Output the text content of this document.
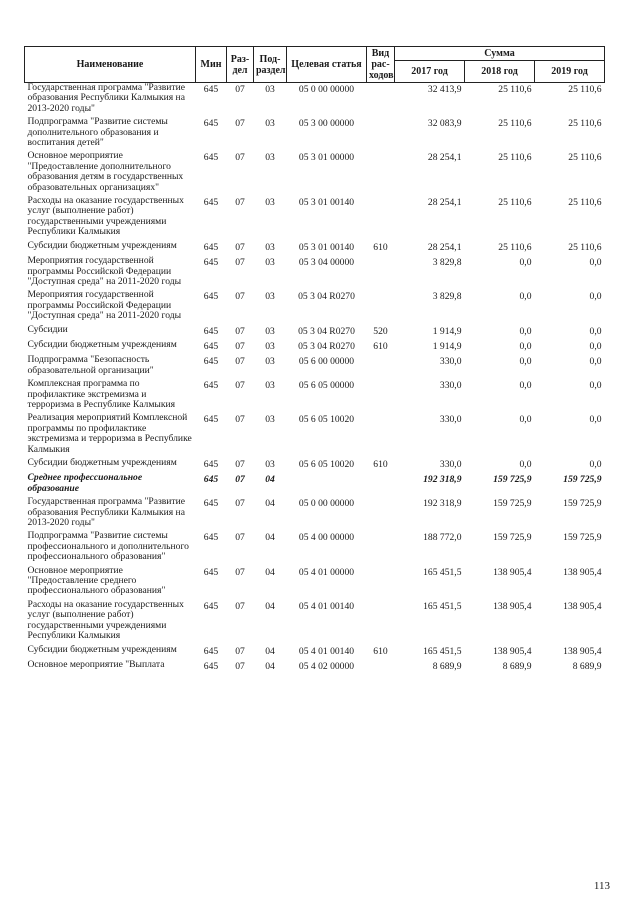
Наименование	Мин	Раз-дел	Под-раздел	Целевая статья	Вид рас-ходов	Сумма		
						2017 год	2018 год	2019 год
Государственная программа "Развитие образования Республики Калмыкия на 2013-2020 годы"	645	07	03	05 0 00 00000		32 413,9	25 110,6	25 110,6
Подпрограмма "Развитие системы дополнительного образования и воспитания детей"	645	07	03	05 3 00 00000		32 083,9	25 110,6	25 110,6
Основное мероприятие "Предоставление дополнительного образования детям в государственных образовательных организациях"	645	07	03	05 3 01 00000		28 254,1	25 110,6	25 110,6
Расходы на оказание государственных услуг (выполнение работ) государственными учреждениями Республики Калмыкия	645	07	03	05 3 01 00140		28 254,1	25 110,6	25 110,6
Субсидии бюджетным учреждениям	645	07	03	05 3 01 00140	610	28 254,1	25 110,6	25 110,6
Мероприятия государственной программы Российской Федерации "Доступная среда" на 2011-2020 годы	645	07	03	05 3 04 00000		3 829,8	0,0	0,0
Мероприятия государственной программы Российской Федерации "Доступная среда" на 2011-2020 годы	645	07	03	05 3 04 R0270		3 829,8	0,0	0,0
Субсидии	645	07	03	05 3 04 R0270	520	1 914,9	0,0	0,0
Субсидии бюджетным учреждениям	645	07	03	05 3 04 R0270	610	1 914,9	0,0	0,0
Подпрограмма "Безопасность образовательной организации"	645	07	03	05 6 00 00000		330,0	0,0	0,0
Комплексная программа по профилактике экстремизма и терроризма в Республике Калмыкия	645	07	03	05 6 05 00000		330,0	0,0	0,0
Реализация мероприятий Комплексной программы по профилактике экстремизма и терроризма в Республике Калмыкия	645	07	03	05 6 05 10020		330,0	0,0	0,0
Субсидии бюджетным учреждениям	645	07	03	05 6 05 10020	610	330,0	0,0	0,0
Среднее профессиональное образование	645	07	04			192 318,9	159 725,9	159 725,9
Государственная программа "Развитие образования Республики Калмыкия на 2013-2020 годы"	645	07	04	05 0 00 00000		192 318,9	159 725,9	159 725,9
Подпрограмма "Развитие системы профессионального и дополнительного профессионального образования"	645	07	04	05 4 00 00000		188 772,0	159 725,9	159 725,9
Основное мероприятие "Предоставление среднего профессионального образования"	645	07	04	05 4 01 00000		165 451,5	138 905,4	138 905,4
Расходы на оказание государственных услуг (выполнение работ) государственными учреждениями Республики Калмыкия	645	07	04	05 4 01 00140		165 451,5	138 905,4	138 905,4
Субсидии бюджетным учреждениям	645	07	04	05 4 01 00140	610	165 451,5	138 905,4	138 905,4
Основное мероприятие "Выплата	645	07	04	05 4 02 00000		8 689,9	8 689,9	8 689,9
113
